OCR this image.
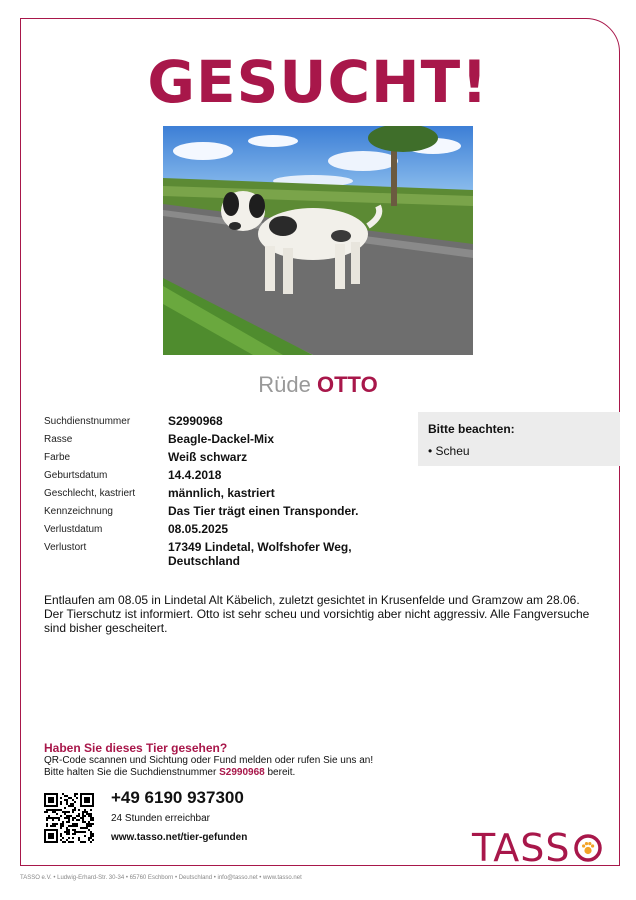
GESUCHT!
Rüde OTTO
Suchdienstnummer	S2990968
Rasse	Beagle-Dackel-Mix
Farbe	Weiß schwarz
Geburtsdatum	14.4.2018
Geschlecht, kastriert	männlich, kastriert
Kennzeichnung	Das Tier trägt einen Transponder.
Verlustdatum	08.05.2025
Verlustort	17349 Lindetal, Wolfshofer Weg, Deutschland
Bitte beachten:
• Scheu
Entlaufen am 08.05 in Lindetal Alt Käbelich, zuletzt gesichtet in Krusenfelde und Gramzow am 28.06. Der Tierschutz ist informiert. Otto ist sehr scheu und vorsichtig aber nicht aggressiv. Alle Fangversuche sind bisher gescheitert.
Haben Sie dieses Tier gesehen?
QR-Code scannen und Sichtung oder Fund melden oder rufen Sie uns an!
Bitte halten Sie die Suchdienstnummer S2990968 bereit.
+49 6190 937300
24 Stunden erreichbar
www.tasso.net/tier-gefunden	TASS
TASSO e.V. • Ludwig-Erhard-Str. 30-34 • 65760 Eschborn • Deutschland • info@tasso.net • www.tasso.net
